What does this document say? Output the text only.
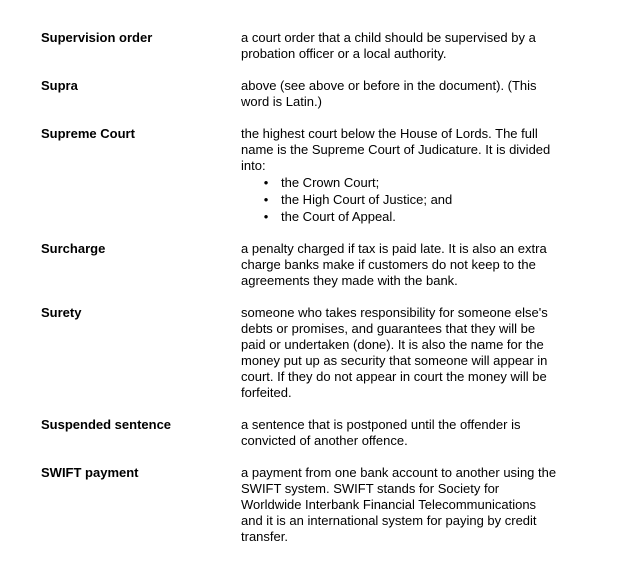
Supervision order	a court order that a child should be supervised by a probation officer or a local authority.

Supra	above (see above or before in the document). (This word is Latin.)

Supreme Court	the highest court below the House of Lords. The full name is the Supreme Court of Judicature. It is divided into:

• the Crown Court;
• the High Court of Justice; and
• the Court of Appeal.
Surcharge	a penalty charged if tax is paid late. It is also an extra charge banks make if customers do not keep to the agreements they made with the bank.

Surety	someone who takes responsibility for someone else's debts or promises, and guarantees that they will be paid or undertaken (done). It is also the name for the money put up as security that someone will appear in court. If they do not appear in court the money will be forfeited.

Suspended sentence	a sentence that is postponed until the offender is convicted of another offence.

SWIFT payment	a payment from one bank account to another using the SWIFT system. SWIFT stands for Society for Worldwide Interbank Financial Telecommunications and it is an international system for paying by credit transfer.
